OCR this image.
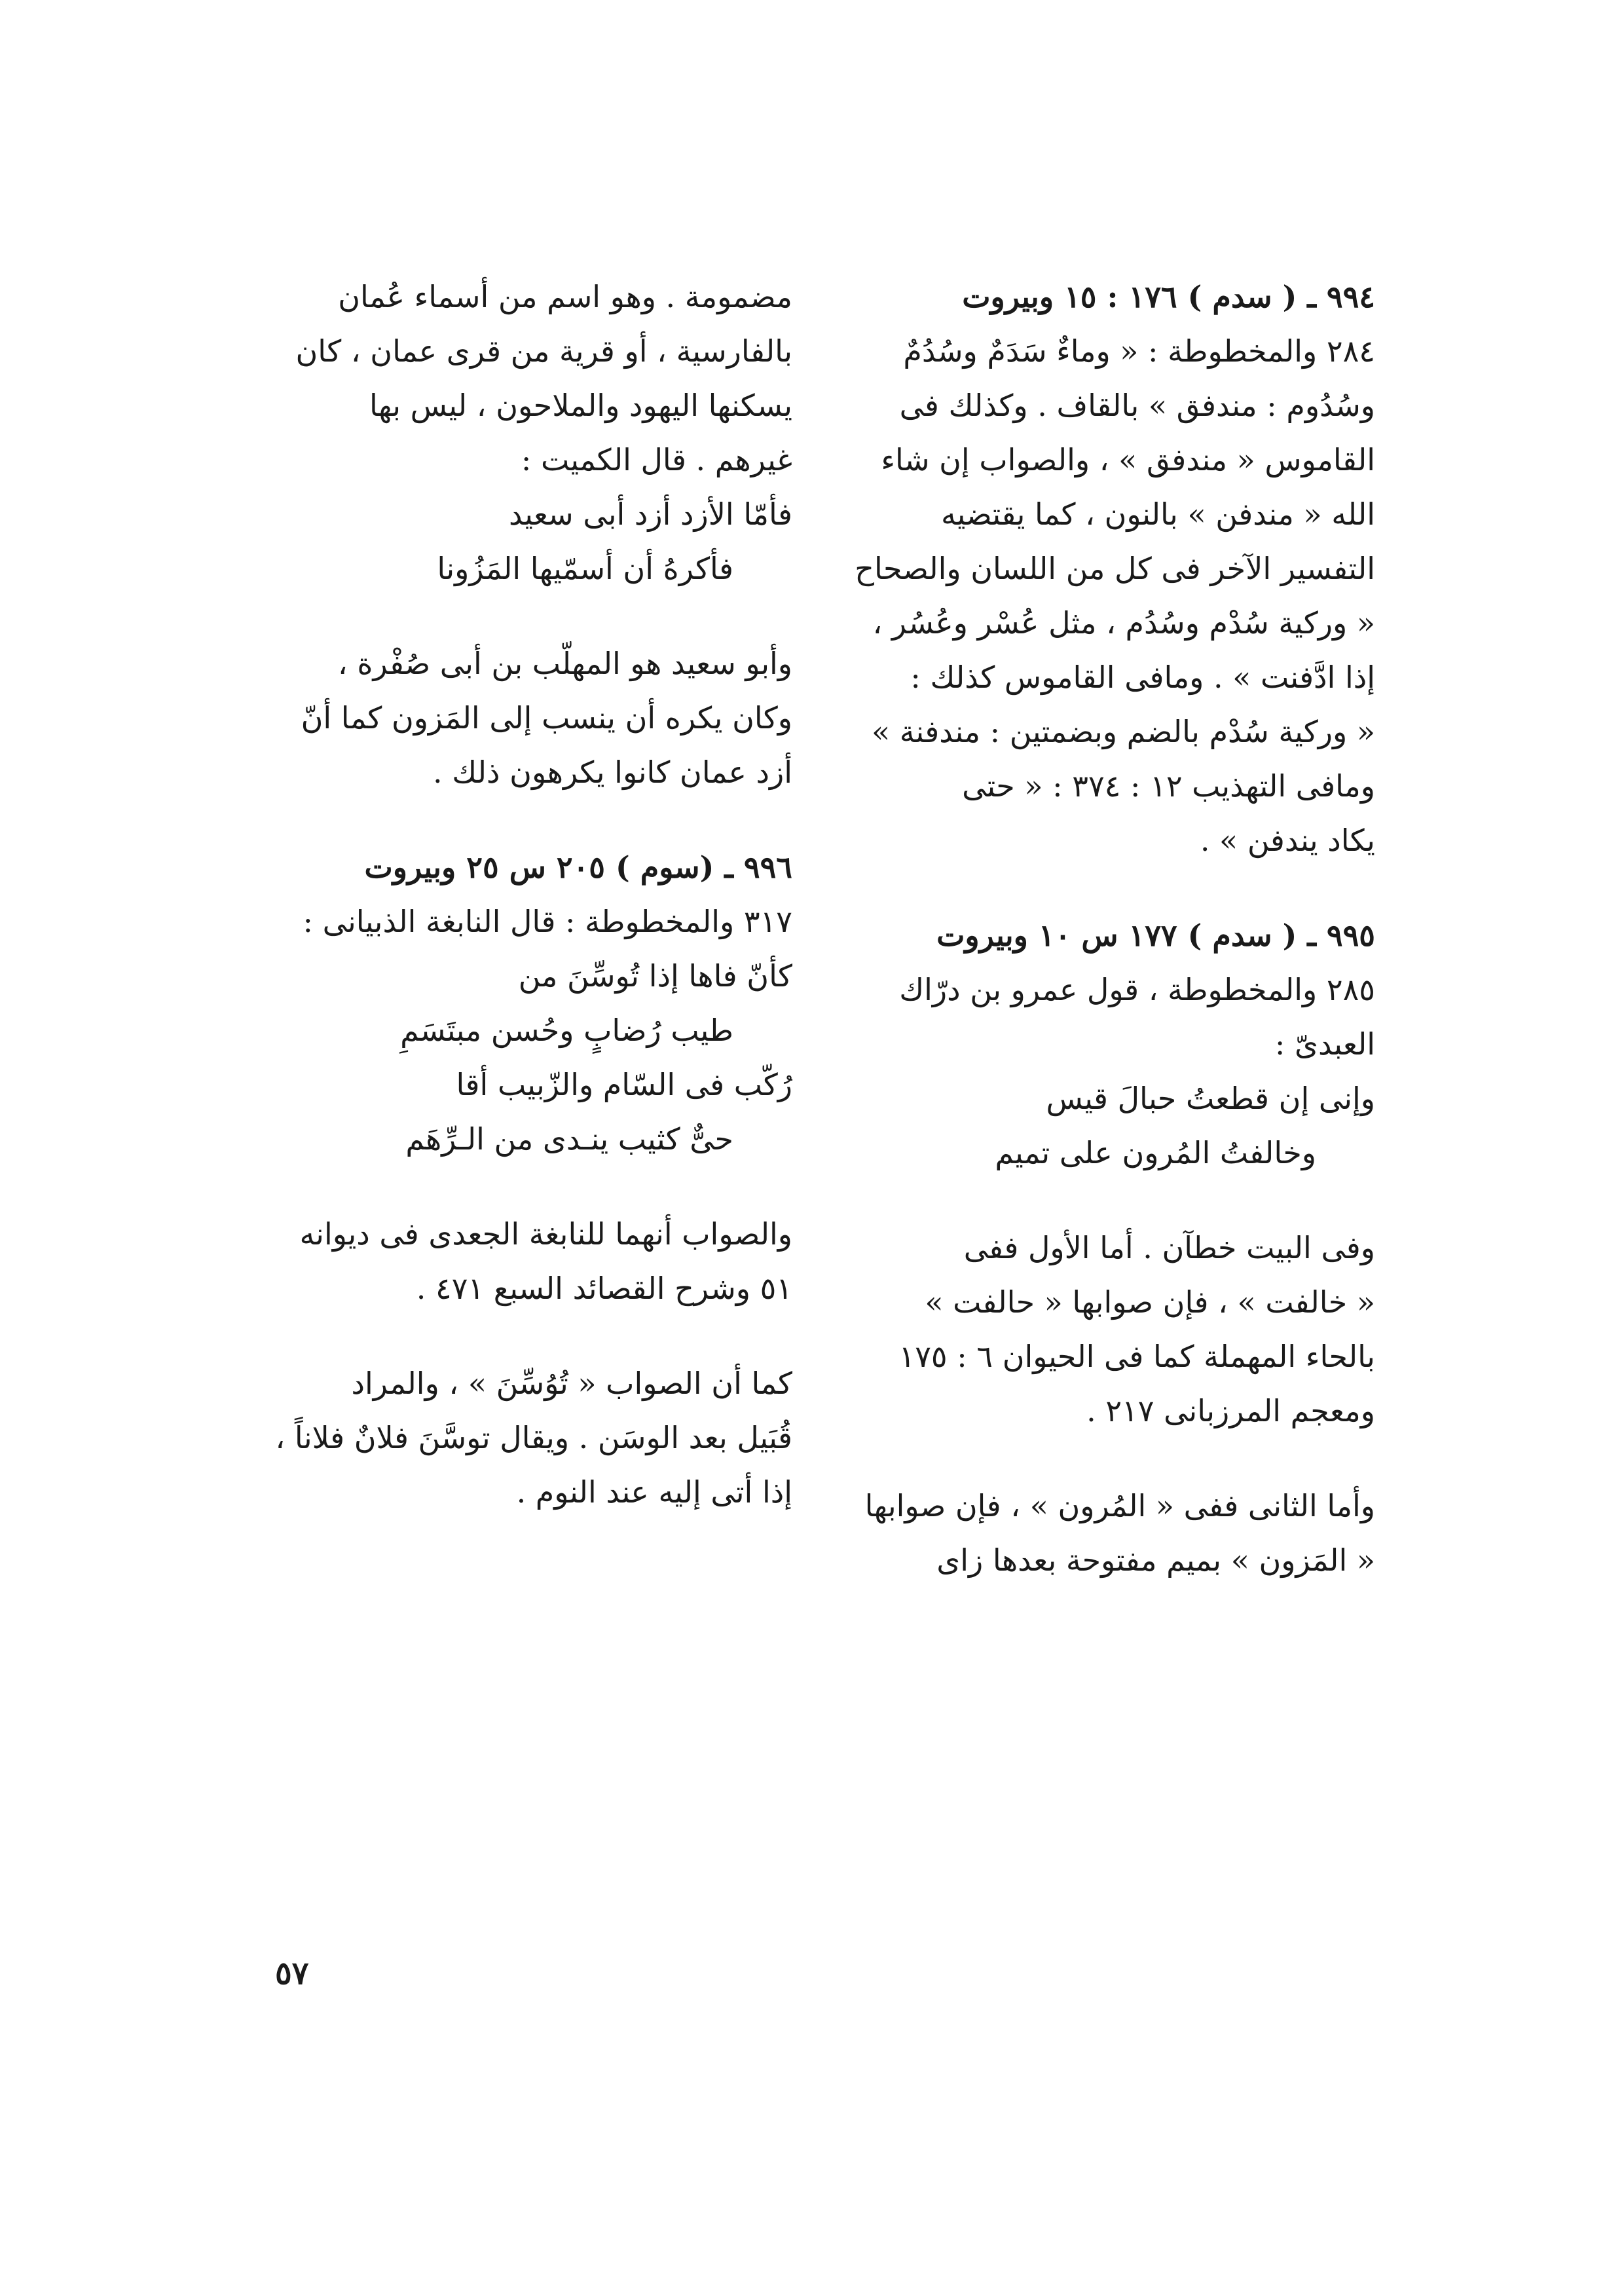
٩٩٤ ـ ( سدم ) ١٧٦ : ١٥ وبيروت
٢٨٤ والمخطوطة : « وماءٌ سَدَمٌ وسُدُمٌ
وسُدُوم : مندفق » بالقاف . وكذلك فى
القاموس « مندفق » ، والصواب إن شاء
الله « مندفن » بالنون ، كما يقتضيه
التفسير الآخر فى كل من اللسان والصحاح
« وركية سُدْم وسُدُم ، مثل عُسْر وعُسُر ،
إذا ادَّفنت » . ومافى القاموس كذلك :
« وركية سُدْم بالضم وبضمتين : مندفنة »
ومافى التهذيب ١٢ : ٣٧٤ : « حتى
يكاد يندفن » .
٩٩٥ ـ ( سدم ) ١٧٧ س ١٠ وبيروت
٢٨٥ والمخطوطة ، قول عمرو بن درّاك
العبدىّ :
وإنى إن قطعتُ حبالَ قيس
وخالفتُ المُرون على تميم
وفى البيت خطآن . أما الأول ففى
« خالفت » ، فإن صوابها « حالفت »
بالحاء المهملة كما فى الحيوان ٦ : ١٧٥
ومعجم المرزبانى ٢١٧ .
وأما الثانى ففى « المُرون » ، فإن صوابها
« المَزون » بميم مفتوحة بعدها زاى
مضمومة . وهو اسم من أسماء عُمان
بالفارسية ، أو قرية من قرى عمان ، كان
يسكنها اليهود والملاحون ، ليس بها
غيرهم . قال الكميت :
فأمّا الأزد أزد أبى سعيد
فأكرهُ أن أسمّيها المَزُونا
وأبو سعيد هو المهلّب بن أبى صُفْرة ،
وكان يكره أن ينسب إلى المَزون كما أنّ
أزد عمان كانوا يكرهون ذلك .
٩٩٦ ـ (سوم ) ٢٠٥ س ٢٥ وبيروت
٣١٧ والمخطوطة : قال النابغة الذبيانى :
كأنّ فاها إذا تُوسِّنَ من
طيب رُضابٍ وحُسن مبتَسَمِ
رُكّب فى السّام والزّبيب أقا
حىٌّ كثيب ينـدى من الـرِّهَم
والصواب أنهما للنابغة الجعدى فى ديوانه
٥١ وشرح القصائد السبع ٤٧١ .
كما أن الصواب « تُوُسِّنَ » ، والمراد
قُبَيل بعد الوسَن . ويقال توسَّنَ فلانٌ فلاناً ،
إذا أتى إليه عند النوم .
٥٧
